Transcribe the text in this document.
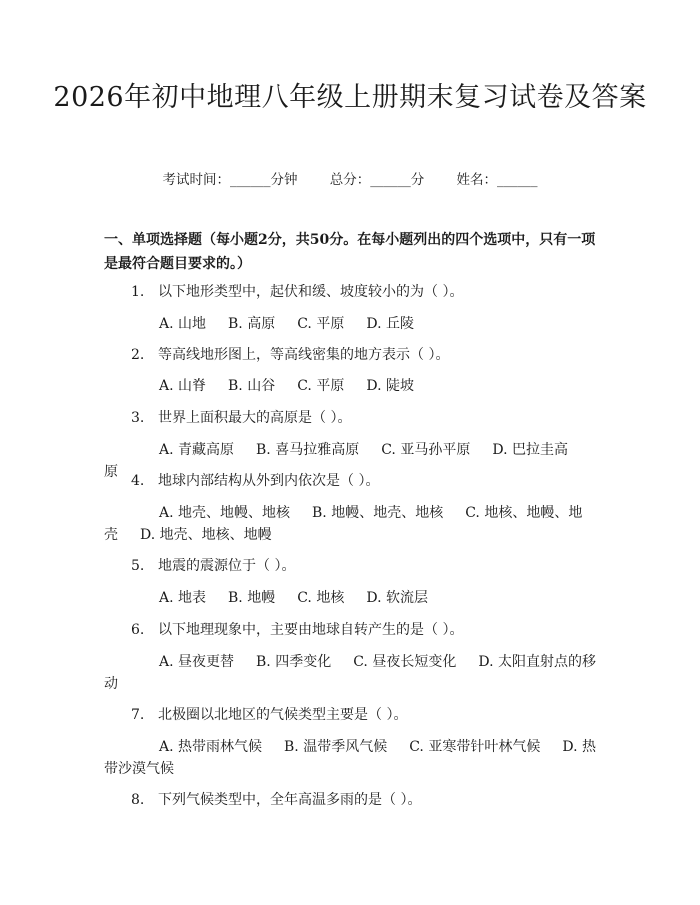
2026年初中地理八年级上册期末复习试卷及答案
考试时间：______分钟 总分：______分 姓名：______
一、单项选择题（每小题2分，共50分。在每小题列出的四个选项中，只有一项是最符合题目要求的。）
1. 以下地形类型中，起伏和缓、坡度较小的为（ ）。
A. 山地 B. 高原 C. 平原 D. 丘陵
2. 等高线地形图上，等高线密集的地方表示（ ）。
A. 山脊 B. 山谷 C. 平原 D. 陡坡
3. 世界上面积最大的高原是（ ）。
A. 青藏高原 B. 喜马拉雅高原 C. 亚马孙平原 D. 巴拉圭高原
4. 地球内部结构从外到内依次是（ ）。
A. 地壳、地幔、地核 B. 地幔、地壳、地核 C. 地核、地幔、地壳 D. 地壳、地核、地幔
5. 地震的震源位于（ ）。
A. 地表 B. 地幔 C. 地核 D. 软流层
6. 以下地理现象中，主要由地球自转产生的是（ ）。
A. 昼夜更替 B. 四季变化 C. 昼夜长短变化 D. 太阳直射点的移动
7. 北极圈以北地区的气候类型主要是（ ）。
A. 热带雨林气候 B. 温带季风气候 C. 亚寒带针叶林气候 D. 热带沙漠气候
8. 下列气候类型中，全年高温多雨的是（ ）。
